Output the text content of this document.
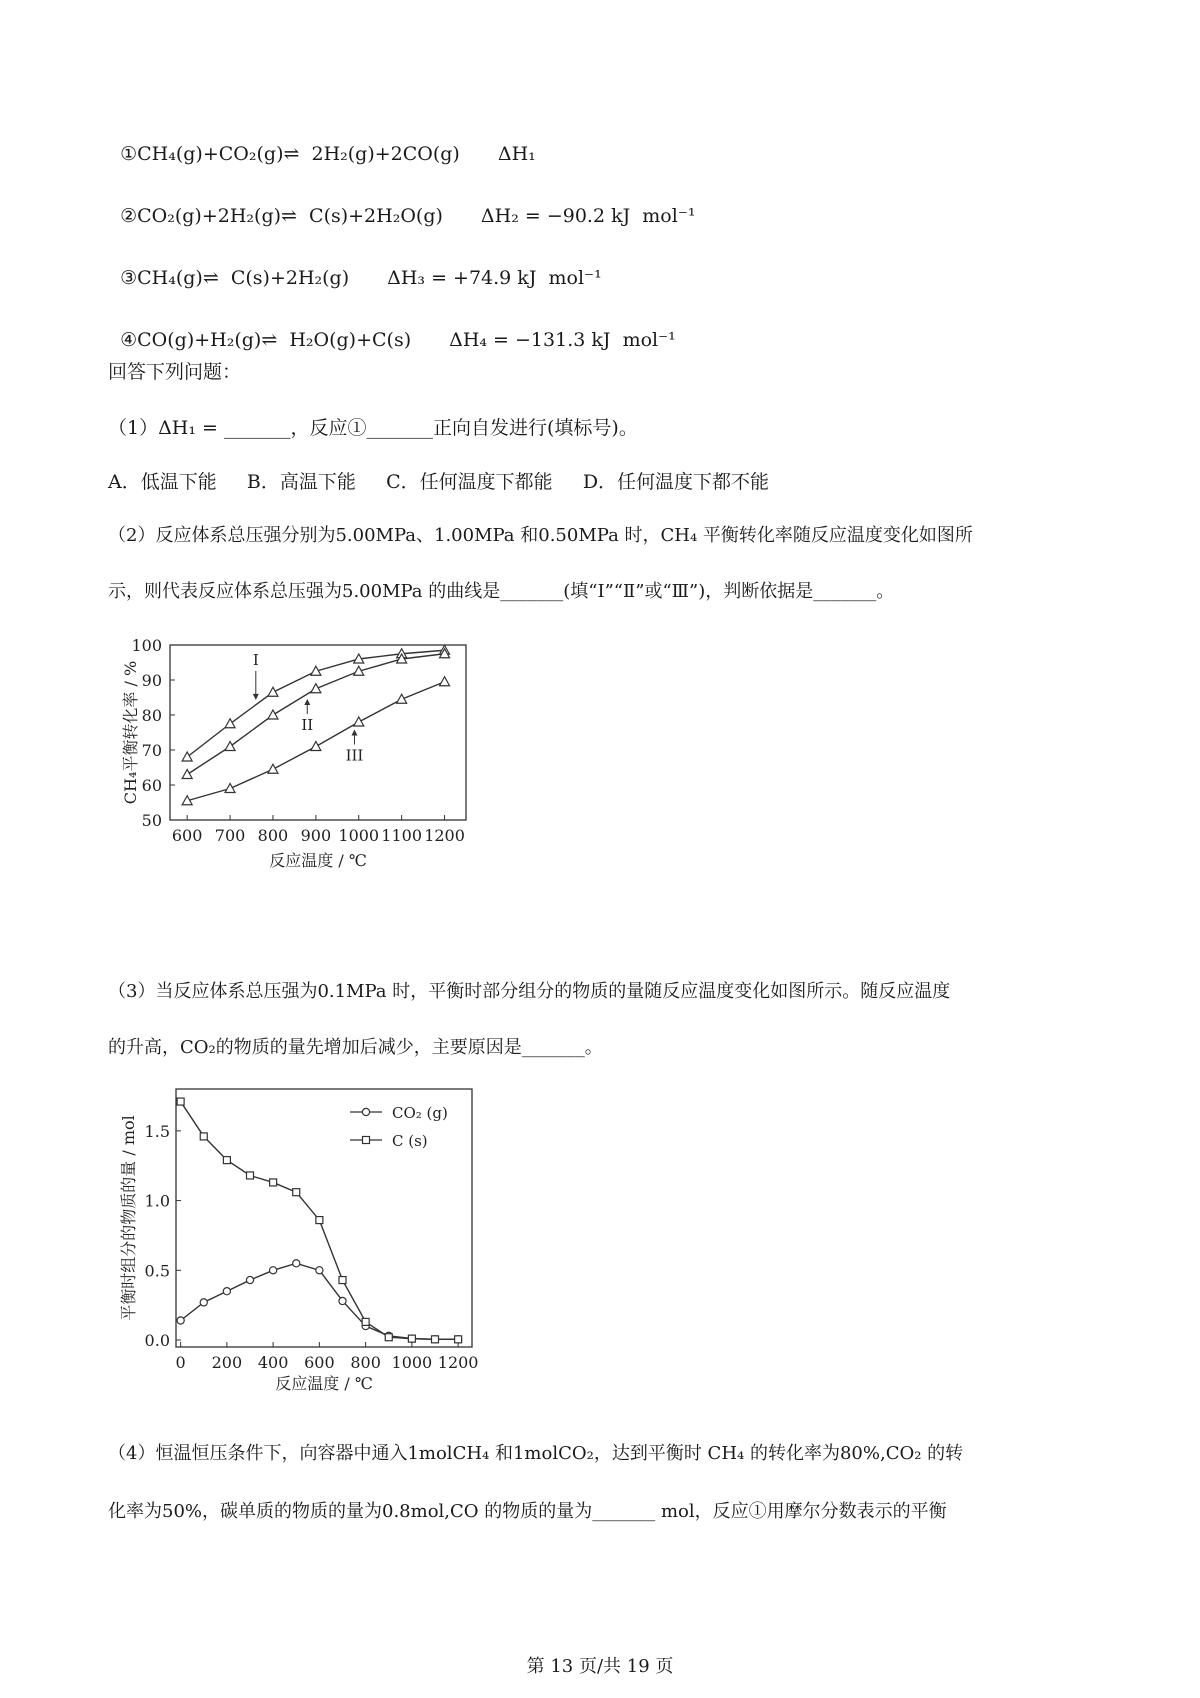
①CH₄(g)+CO₂(g)⇌  2H₂(g)+2CO(g) ΔH₁

②CO₂(g)+2H₂(g)⇌  C(s)+2H₂O(g) ΔH₂ = −90.2 kJ  mol⁻¹

③CH₄(g)⇌  C(s)+2H₂(g) ΔH₃ = +74.9 kJ  mol⁻¹

④CO(g)+H₂(g)⇌  H₂O(g)+C(s) ΔH₄ = −131.3 kJ  mol⁻¹

回答下列问题：
（1）ΔH₁ = _______，反应①_______正向自发进行(填标号)。
A．低温下能     B．高温下能     C．任何温度下都能     D．任何温度下都不能
（2）反应体系总压强分别为5.00MPa、1.00MPa 和0.50MPa 时，CH₄ 平衡转化率随反应温度变化如图所
示，则代表反应体系总压强为5.00MPa 的曲线是_______(填“Ⅰ”“Ⅱ”或“Ⅲ”)，判断依据是_______。
50
60
70
80
90
100
600 700 800 900 1000 1100 1200
反应温度 / ℃
CH₄平衡转化率 / %
I
II
III
（3）当反应体系总压强为0.1MPa 时，平衡时部分组分的物质的量随反应温度变化如图所示。随反应温度
的升高，CO₂的物质的量先增加后减少，主要原因是_______。
0.0
0.5
1.0
1.5
0 200 400 600 800 1000 1200
反应温度 / ℃
平衡时组分的物质的量 / mol
CO₂ (g)
C (s)
（4）恒温恒压条件下，向容器中通入1molCH₄ 和1molCO₂，达到平衡时 CH₄ 的转化率为80%,CO₂ 的转
化率为50%，碳单质的物质的量为0.8mol,CO 的物质的量为_______ mol，反应①用摩尔分数表示的平衡
第 13 页/共 19 页
